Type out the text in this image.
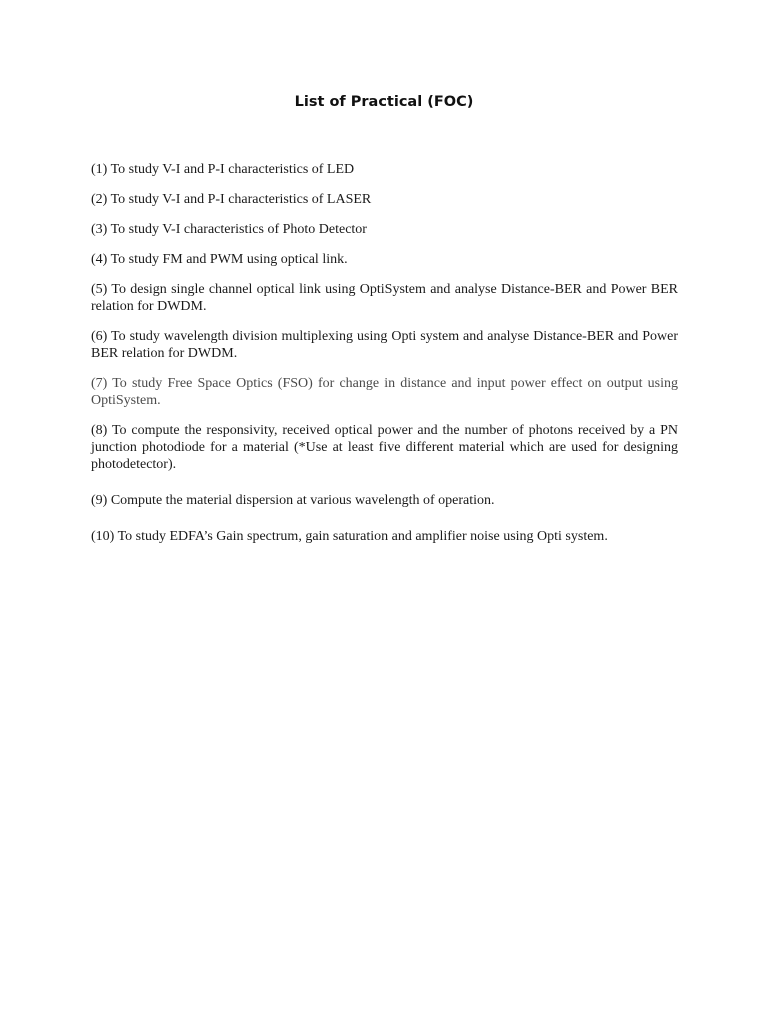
List of Practical (FOC)
(1) To study V-I and P-I characteristics of LED
(2) To study V-I and P-I characteristics of LASER
(3) To study V-I characteristics of Photo Detector
(4) To study FM and PWM using optical link.
(5) To design single channel optical link using OptiSystem and analyse Distance-BER and Power BER relation for DWDM.
(6) To study wavelength division multiplexing using Opti system and analyse Distance-BER and Power BER relation for DWDM.
(7) To study Free Space Optics (FSO) for change in distance and input power effect on output using OptiSystem.
(8) To compute the responsivity, received optical power and the number of photons received by a PN junction photodiode for a material (*Use at least five different material which are used for designing photodetector).
(9) Compute the material dispersion at various wavelength of operation.
(10) To study EDFA’s Gain spectrum, gain saturation and amplifier noise using Opti system.
